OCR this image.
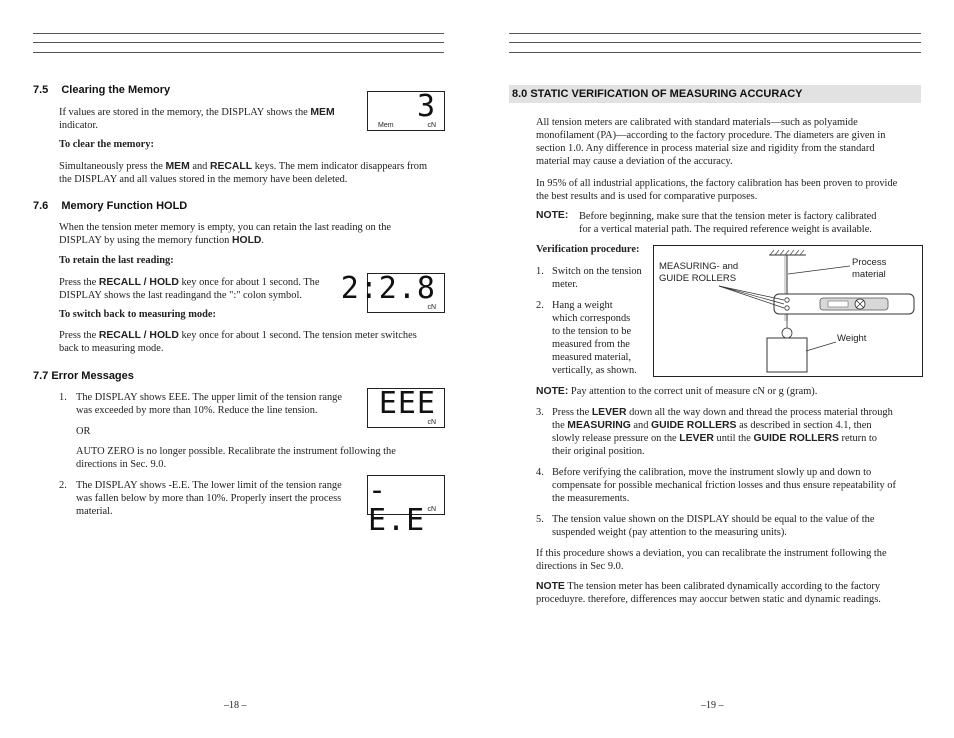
7.5 Clearing the Memory
If values are stored in the memory, the DISPLAY shows the MEM
indicator.
3
Mem	cN
To clear the memory:
Simultaneously press the MEM and RECALL keys. The mem indicator disappears from
the DISPLAY and all values stored in the memory have been deleted.
7.6 Memory Function HOLD
When the tension meter memory is empty, you can retain the last reading on the
DISPLAY by using the memory function HOLD.
To retain the last reading:
Press the RECALL / HOLD key once for about 1 second. The
DISPLAY shows the last readingand the ":" colon symbol.	2:2.8
cN
To switch back to measuring mode:
Press the RECALL / HOLD key once for about 1 second. The tension meter switches
back to measuring mode.
7.7 Error Messages
1. The DISPLAY shows EEE. The upper limit of the tension range
was exceeded by more than 10%. Reduce the line tension.	EEE
cN
OR
AUTO ZERO is no longer possible. Recalibrate the instrument following the
directions in Sec. 9.0.
2. The DISPLAY shows -E.E. The lower limit of the tension range
was fallen below by more than 10%. Properly insert the process
material.
-E.E cN
–18 –
8.0 STATIC VERIFICATION OF MEASURING ACCURACY
All tension meters are calibrated with standard materials—such as polyamide
monofilament (PA)—according to the factory procedure. The diameters are given in
section 1.0. Any difference in process material size and rigidity from the standard
material may cause a deviation of the accuracy.
In 95% of all industrial applications, the factory calibration has been proven to provide
the best results and is used for comparative purposes.
NOTE: Before beginning, make sure that the tension meter is factory calibrated
for a vertical material path. The required reference weight is available.
Verification procedure:
1. Switch on the tension
meter.
2. Hang a weight
which corresponds
to the tension to be
measured from the
measured material,
vertically, as shown.
MEASURING- and
GUIDE ROLLERS
Process
material
Weight
NOTE: Pay attention to the correct unit of measure cN or g (gram).
3. Press the LEVER down all the way down and thread the process material through
the MEASURING and GUIDE ROLLERS as described in section 4.1, then
slowly release pressure on the LEVER until the GUIDE ROLLERS return to
their original position.
4. Before verifying the calibration, move the instrument slowly up and down to
compensate for possible mechanical friction losses and thus ensure repeatability of
the measurements.
5. The tension value shown on the DISPLAY should be equal to the value of the
suspended weight (pay attention to the measuring units).
If this procedure shows a deviation, you can recalibrate the instrument following the
directions in Sec 9.0.
NOTE The tension meter has been calibrated dynamically according to the factory
proceduyre. therefore, differences may aoccur betwen static and dynamic readings.
–19 –
